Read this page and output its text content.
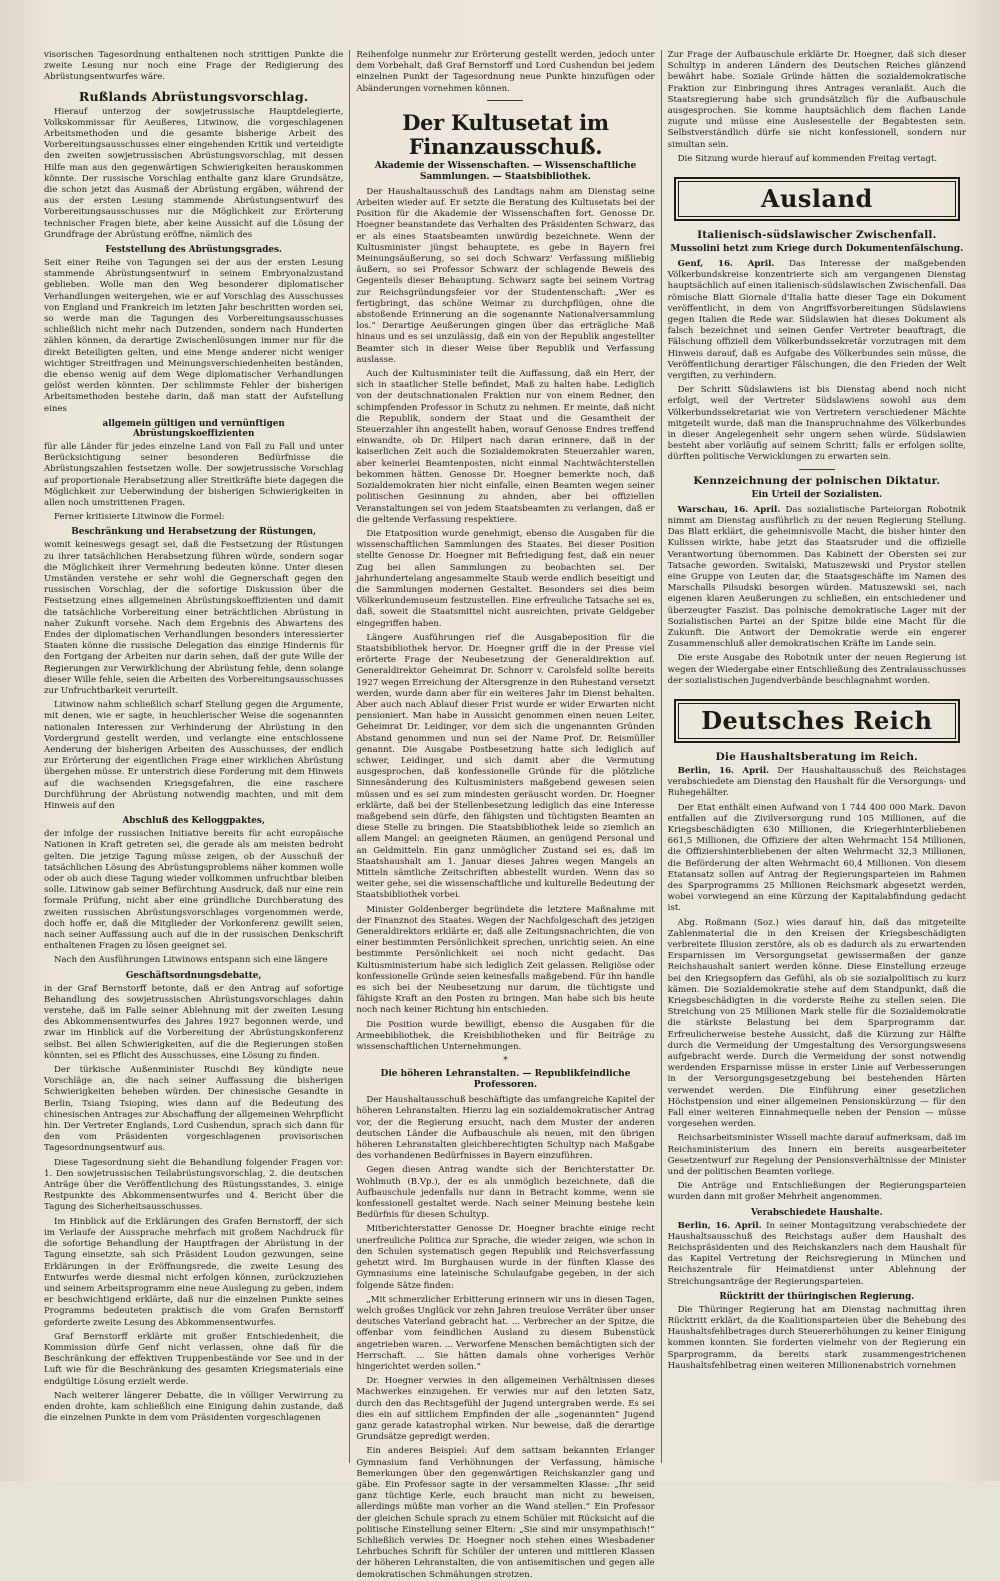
visorischen Tagesordnung enthaltenen noch strittigen Punkte die zweite Lesung nur noch eine Frage der Redigierung des Abrüstungsentwurfes wäre.

Rußlands Abrüstungsvorschlag.

Hierauf unterzog der sowjetrussische Hauptdelegierte, Volkskommissar für Aeußeres, Litwinow, die vorgeschlagenen Arbeitsmethoden und die gesamte bisherige Arbeit des Vorbereitungsausschusses einer eingehenden Kritik und verteidigte den zweiten sowjetrussischen Abrüstungsvorschlag, mit dessen Hilfe man aus den gegenwärtigen Schwierigkeiten herauskommen könnte. Der russische Vorschlag enthalte ganz klare Grundsätze, die schon jetzt das Ausmaß der Abrüstung ergäben, während der aus der ersten Lesung stammende Abrüstungsentwurf des Vorbereitungsausschusses nur die Möglichkeit zur Erörterung technischer Fragen biete, aber keine Aussicht auf die Lösung der Grundfrage der Abrüstung eröffne, nämlich des

Feststellung des Abrüstungsgrades.

Seit einer Reihe von Tagungen sei der aus der ersten Lesung stammende Abrüstungsentwurf in seinem Embryonalzustand geblieben. Wolle man den Weg besonderer diplomatischer Verhandlungen weitergehen, wie er auf Vorschlag des Ausschusses von England und Frankreich im letzten Jahr beschritten worden sei, so werde man die Tagungen des Vorbereitungsausschusses schließlich nicht mehr nach Dutzenden, sondern nach Hunderten zählen können, da derartige Zwischenlösungen immer nur für die direkt Beteiligten gelten, und eine Menge anderer nicht weniger wichtiger Streitfragen und Meinungsverschiedenheiten beständen, die ebenso wenig auf dem Wege diplomatischer Verhandlungen gelöst werden könnten. Der schlimmste Fehler der bisherigen Arbeitsmethoden bestehe darin, daß man statt der Aufstellung eines

allgemein gültigen und vernünftigen Abrüstungskoeffizienten

für alle Länder für jedes einzelne Land von Fall zu Fall und unter Berücksichtigung seiner besonderen Bedürfnisse die Abrüstungszahlen festsetzen wolle. Der sowjetrussische Vorschlag auf proportionale Herabsetzung aller Streitkräfte biete dagegen die Möglichkeit zur Ueberwindung der bisherigen Schwierigkeiten in allen noch umstrittenen Fragen.

Ferner kritisierte Litwinow die Formel:

Beschränkung und Herabsetzung der Rüstungen,

womit keineswegs gesagt sei, daß die Festsetzung der Rüstungen zu ihrer tatsächlichen Herabsetzung führen würde, sondern sogar die Möglichkeit ihrer Vermehrung bedeuten könne. Unter diesen Umständen verstehe er sehr wohl die Gegnerschaft gegen den russischen Vorschlag, der die sofortige Diskussion über die Festsetzung eines allgemeinen Abrüstungskoeffizienten und damit die tatsächliche Vorbereitung einer beträchtlichen Abrüstung in naher Zukunft vorsehe. Nach dem Ergebnis des Abwartens des Endes der diplomatischen Verhandlungen besonders interessierter Staaten könne die russische Delegation das einzige Hindernis für den Fortgang der Arbeiten nur darin sehen, daß der gute Wille der Regierungen zur Verwirklichung der Abrüstung fehle, denn solange dieser Wille fehle, seien die Arbeiten des Vorbereitungsausschusses zur Unfruchtbarkeit verurteilt.

Litwinow nahm schließlich scharf Stellung gegen die Argumente, mit denen, wie er sagte, in heuchlerischer Weise die sogenannten nationalen Interessen zur Verhinderung der Abrüstung in den Vordergrund gestellt werden, und verlangte eine entschlossene Aenderung der bisherigen Arbeiten des Ausschusses, der endlich zur Erörterung der eigentlichen Frage einer wirklichen Abrüstung übergehen müsse. Er unterstrich diese Forderung mit dem Hinweis auf die wachsenden Kriegsgefahren, die eine raschere Durchführung der Abrüstung notwendig machten, und mit dem Hinweis auf den

Abschluß des Kelloggpaktes,

der infolge der russischen Initiative bereits für acht europäische Nationen in Kraft getreten sei, die gerade als am meisten bedroht gelten. Die jetzige Tagung müsse zeigen, ob der Ausschuß der tatsächlichen Lösung des Abrüstungsproblems näher kommen wolle oder ob auch diese Tagung wieder vollkommen unfruchtbar bleiben solle. Litwinow gab seiner Befürchtung Ausdruck, daß nur eine rein formale Prüfung, nicht aber eine gründliche Durchberatung des zweiten russischen Abrüstungsvorschlages vorgenommen werde, doch hoffe er, daß die Mitglieder der Vorkonferenz gewillt seien, nach seiner Auffassung auch auf die in der russischen Denkschrift enthaltenen Fragen zu lösen geeignet sei.

Nach den Ausführungen Litwinows entspann sich eine längere

Geschäftsordnungsdebatte,

in der Graf Bernstorff betonte, daß er den Antrag auf sofortige Behandlung des sowjetrussischen Abrüstungsvorschlages dahin verstehe, daß im Falle seiner Ablehnung mit der zweiten Lesung des Abkommensentwurfes des Jahres 1927 begonnen werde, und zwar im Hinblick auf die Vorbereitung der Abrüstungskonferenz selbst. Bei allen Schwierigkeiten, auf die die Regierungen stoßen könnten, sei es Pflicht des Ausschusses, eine Lösung zu finden.

Der türkische Außenminister Ruschdi Bey kündigte neue Vorschläge an, die nach seiner Auffassung die bisherigen Schwierigkeiten beheben würden. Der chinesische Gesandte in Berlin, Tsiang Tsioping, wies dann auf die Bedeutung des chinesischen Antrages zur Abschaffung der allgemeinen Wehrpflicht hin. Der Vertreter Englands, Lord Cushendun, sprach sich dann für den vom Präsidenten vorgeschlagenen provisorischen Tagesordnungsentwurf aus.

Diese Tagesordnung sieht die Behandlung folgender Fragen vor: 1. Den sowjetrussischen Teilabrüstungsvorschlag, 2. die deutschen Anträge über die Veröffentlichung des Rüstungsstandes, 3. einige Restpunkte des Abkommensentwurfes und 4. Bericht über die Tagung des Sicherheitsausschusses.

Im Hinblick auf die Erklärungen des Grafen Bernstorff, der sich im Verlaufe der Aussprache mehrfach mit großem Nachdruck für die sofortige Behandlung der Hauptfragen der Abrüstung in der Tagung einsetzte, sah sich Präsident Loudon gezwungen, seine Erklärungen in der Eröffnungsrede, die zweite Lesung des Entwurfes werde diesmal nicht erfolgen können, zurückzuziehen und seinem Arbeitsprogramm eine neue Auslegung zu geben, indem er beschwichtigend erklärte, daß nur die einzelnen Punkte seines Programms bedeuteten praktisch die vom Grafen Bernstorff geforderte zweite Lesung des Abkommensentwurfes.

Graf Bernstorff erklärte mit großer Entschiedenheit, die Kommission dürfe Genf nicht verlassen, ohne daß für die Beschränkung der effektiven Truppenbestände vor See und in der Luft wie für die Beschränkung des gesamten Kriegsmaterials eine endgültige Lösung erzielt werde.

Nach weiterer längerer Debatte, die in völliger Verwirrung zu enden drohte, kam schließlich eine Einigung dahin zustande, daß die einzelnen Punkte in dem vom Präsidenten vorgeschlagenen

Reihenfolge nunmehr zur Erörterung gestellt werden, jedoch unter dem Vorbehalt, daß Graf Bernstorff und Lord Cushendun bei jedem einzelnen Punkt der Tagesordnung neue Punkte hinzufügen oder Abänderungen vornehmen können.

Der Kultusetat im Finanzausschuß.
Akademie der Wissenschaften. — Wissenschaftliche Sammlungen. — Staatsbibliothek.

Der Haushaltausschuß des Landtags nahm am Dienstag seine Arbeiten wieder auf. Er setzte die Beratung des Kultusetats bei der Position für die Akademie der Wissenschaften fort. Genosse Dr. Hoegner beanstandete das Verhalten des Präsidenten Schwarz, das er als eines Staatsbeamten unwürdig bezeichnete. Wenn der Kultusminister jüngst behauptete, es gebe in Bayern frei Meinungsäußerung, so sei doch Schwarz' Verfassung mißliebig äußern, so sei Professor Schwarz der schlagende Beweis des Gegenteils dieser Behauptung. Schwarz sagte bei seinem Vortrag zur Reichsgründungsfeier vor der Studentenschaft: „Wer es fertigbringt, das schöne Weimar zu durchpflügen, ohne die abstoßende Erinnerung an die sogenannte Nationalversammlung los.“ Derartige Aeußerungen gingen über das erträgliche Maß hinaus und es sei unzulässig, daß ein von der Republik angestellter Beamter sich in dieser Weise über Republik und Verfassung auslasse.

Auch der Kultusminister teilt die Auffassung, daß ein Herr, der sich in staatlicher Stelle befindet, Maß zu halten habe. Lediglich von der deutschnationalen Fraktion nur von einem Redner, den schimpfenden Professor in Schutz zu nehmen. Er meinte, daß nicht die Republik, sondern der Staat und die Gesamtheit der Steuerzahler ihn angestellt haben, worauf Genosse Endres treffend einwandte, ob Dr. Hilpert nach daran erinnere, daß in der kaiserlichen Zeit auch die Sozialdemokraten Steuerzahler waren, aber keinerlei Beamtenposten, nicht einmal Nachtwächterstellen bekommen hätten. Genosse Dr. Hoegner bemerkte noch, daß Sozialdemokraten hier nicht einfalle, einen Beamten wegen seiner politischen Gesinnung zu ahnden, aber bei offiziellen Veranstaltungen sei von jedem Staatsbeamten zu verlangen, daß er die geltende Verfassung respektiere.

Die Etatposition wurde genehmigt, ebenso die Ausgaben für die wissenschaftlichen Sammlungen des Staates. Bei dieser Position stellte Genosse Dr. Hoegner mit Befriedigung fest, daß ein neuer Zug bei allen Sammlungen zu beobachten sei. Der jahrhundertelang angesammelte Staub werde endlich beseitigt und die Sammlungen modernen Gestaltet. Besonders sei dies beim Völkerkundemuseum festzustellen. Eine erfreuliche Tatsache sei es, daß, soweit die Staatsmittel nicht ausreichten, private Geldgeber eingegriffen haben.

Längere Ausführungen rief die Ausgabeposition für die Staatsbibliothek hervor. Dr. Hoegner griff die in der Presse viel erörterte Frage der Neubesetzung der Generaldirektion auf. Generaldirektor Geheimrat Dr. Schnorr v. Carolsfeld sollte bereits 1927 wegen Erreichung der Altersgrenze in den Ruhestand versetzt werden, wurde dann aber für ein weiteres Jahr im Dienst behalten. Aber auch nach Ablauf dieser Frist wurde er wider Erwarten nicht pensioniert. Man habe in Aussicht genommen einen neuen Leiter, Geheimrat Dr. Leidinger, vor dem sich die ungenannten Gründen Abstand genommen und nun sei der Name Prof. Dr. Reismüller genannt. Die Ausgabe Postbesetzung hatte sich lediglich auf schwer, Leidinger, und sich damit aber die Vermutung ausgesprochen, daß konfessionelle Gründe für die plötzliche Sinnesänderung des Kultusministers maßgebend gewesen seien müssen und es sei zum mindesten geräuscht worden. Dr. Hoegner erklärte, daß bei der Stellenbesetzung lediglich das eine Interesse maßgebend sein dürfe, den fähigsten und tüchtigsten Beamten an diese Stelle zu bringen. Die Staatsbibliothek leide so ziemlich an allem Mangel: an geeigneten Räumen, an genügend Personal und an Geldmitteln. Ein ganz unmöglicher Zustand sei es, daß im Staatshaushalt am 1. Januar dieses Jahres wegen Mangels an Mitteln sämtliche Zeitschriften abbestellt wurden. Wenn das so weiter gehe, sei die wissenschaftliche und kulturelle Bedeutung der Staatsbibliothek vorbei.

Minister Goldenberger begründete die letztere Maßnahme mit der Finanznot des Staates. Wegen der Nachfolgeschaft des jetzigen Generaldirektors erklärte er, daß alle Zeitungsnachrichten, die von einer bestimmten Persönlichkeit sprechen, unrichtig seien. An eine bestimmte Persönlichkeit sei noch nicht gedacht. Das Kultusministerium habe sich lediglich Zeit gelassen. Religiöse oder konfessionelle Gründe seien keinesfalls maßgebend. Für ihn handle es sich bei der Neubesetzung nur darum, die tüchtigste und fähigste Kraft an den Posten zu bringen. Man habe sich bis heute noch nach keiner Richtung hin entschieden.

Die Position wurde bewilligt, ebenso die Ausgaben für die Armeebibliothek, die Kreisbibliotheken und für Beiträge zu wissenschaftlichen Unternehmungen.

*
Die höheren Lehranstalten. — Republikfeindliche Professoren.

Der Haushaltausschuß beschäftigte das umfangreiche Kapitel der höheren Lehranstalten. Hierzu lag ein sozialdemokratischer Antrag vor, der die Regierung ersucht, nach dem Muster der anderen deutschen Länder die Aufbauschule als neuen, mit den übrigen höheren Lehranstalten gleichberechtigten Schultyp nach Maßgabe des vorhandenen Bedürfnisses in Bayern einzuführen.

Gegen diesen Antrag wandte sich der Berichterstatter Dr. Wohlmuth (B.Vp.), der es als unmöglich bezeichnete, daß die Aufbauschule jedenfalls nur dann in Betracht komme, wenn sie konfessionell gestaltet werde. Nach seiner Meinung bestehe kein Bedürfnis für diesen Schultyp.

Mitberichterstatter Genosse Dr. Hoegner brachte einige recht unerfreuliche Politica zur Sprache, die wieder zeigen, wie schon in den Schulen systematisch gegen Republik und Reichsverfassung gehetzt wird. Im Burghausen wurde in der fünften Klasse des Gymnasiums eine lateinische Schulaufgabe gegeben, in der sich folgende Sätze finden:

„Mit schmerzlicher Erbitterung erinnern wir uns in diesen Tagen, welch großes Unglück vor zehn Jahren treulose Verräter über unser deutsches Vaterland gebracht hat. ... Verbrecher an der Spitze, die offenbar vom feindlichen Ausland zu diesem Bubenstück angetrieben waren. ... Verworfene Menschen bemächtigten sich der Herrschaft. ... Sie hätten damals ohne vorheriges Verhör hingerichtet werden sollen.“

Dr. Hoegner verwies in den allgemeinen Verhältnissen dieses Machwerkes einzugehen. Er verwies nur auf den letzten Satz, durch den das Rechtsgefühl der Jugend untergraben werde. Es sei dies ein auf sittlichem Empfinden der alle „sogenannten“ Jugend ganz gerade katastrophal wirken. Nur beweise, daß die derartige Grundsätze gepredigt werden.

Ein anderes Beispiel: Auf dem sattsam bekannten Erlanger Gymnasium fand Verhöhnungen der Verfassung, hämische Bemerkungen über den gegenwärtigen Reichskanzler gang und gäbe. Ein Professor sagte in der versammelten Klasse: „Ihr seid ganz tüchtige Kerle, euch braucht man nicht zu beweisen, allerdings müßte man vorher an die Wand stellen.“ Ein Professor der gleichen Schule sprach zu einem Schüler mit Rücksicht auf die politische Einstellung seiner Eltern: „Sie sind mir unsympathisch!“ Schließlich verwies Dr. Hoegner noch stehen eines Wiesbadener Lehrbuches Schrift für Schüler der unteren und mittleren Klassen der höheren Lehranstalten, die von antisemitischen und gegen alle demokratischen Schmähungen strotzen.

Zur Frage der Aufbauschule erklärte Dr. Hoegner, daß sich dieser Schultyp in anderen Ländern des Deutschen Reiches glänzend bewährt habe. Soziale Gründe hätten die sozialdemokratische Fraktion zur Einbringung ihres Antrages veranlaßt. Auch die Staatsregierung habe sich grundsätzlich für die Aufbauschule ausgesprochen. Sie komme hauptsächlich dem flachen Lande zugute und müsse eine Auslesestelle der Begabtesten sein. Selbstverständlich dürfe sie nicht konfessionell, sondern nur simultan sein.

Die Sitzung wurde hierauf auf kommenden Freitag vertagt.

Ausland
Italienisch-südslawischer Zwischenfall.
Mussolini hetzt zum Kriege durch Dokumentenfälschung.

Genf, 16. April. Das Interesse der maßgebenden Völkerbundskreise konzentrierte sich am vergangenen Dienstag hauptsächlich auf einen italienisch-südslawischen Zwischenfall. Das römische Blatt Giornale d'Italia hatte dieser Tage ein Dokument veröffentlicht, in dem von Angriffsvorbereitungen Südslawiens gegen Italien die Rede war. Südslawien hat dieses Dokument als falsch bezeichnet und seinen Genfer Vertreter beauftragt, die Fälschung offiziell dem Völkerbundssekretär vorzutragen mit dem Hinweis darauf, daß es Aufgabe des Völkerbundes sein müsse, die Veröffentlichung derartiger Fälschungen, die den Frieden der Welt vergiften, zu verhindern.

Der Schritt Südslawiens ist bis Dienstag abend noch nicht erfolgt, weil der Vertreter Südslawiens sowohl aus dem Völkerbundssekretariat wie von Vertretern verschiedener Mächte mitgeteilt wurde, daß man die Inanspruchnahme des Völkerbundes in dieser Angelegenheit sehr ungern sehen würde. Südslawien besteht aber vorläufig auf seinem Schritt; falls er erfolgen sollte, dürften politische Verwicklungen zu erwarten sein.

Kennzeichnung der polnischen Diktatur.
Ein Urteil der Sozialisten.

Warschau, 16. April. Das sozialistische Parteiorgan Robotnik nimmt am Dienstag ausführlich zu der neuen Regierung Stellung. Das Blatt erklärt, die geheimnisvolle Macht, die bisher hinter den Kulissen wirkte, habe jetzt das Staatsruder und die offizielle Verantwortung übernommen. Das Kabinett der Obersten sei zur Tatsache geworden. Switalski, Matuszewski und Prystor stellen eine Gruppe von Leuten dar, die Staatsgeschäfte im Namen des Marschalls Pilsudski besorgen würden. Matuszewski sei, nach eigenen klaren Aeußerungen zu schließen, ein entschiedener und überzeugter Faszist. Das polnische demokratische Lager mit der Sozialistischen Partei an der Spitze bilde eine Macht für die Zukunft. Die Antwort der Demokratie werde ein engerer Zusammenschluß aller demokratischen Kräfte im Lande sein.

Die erste Ausgabe des Robotnik unter der neuen Regierung ist wegen der Wiedergabe einer Entschließung des Zentralausschusses der sozialistischen Jugendverbände beschlagnahmt worden.

Deutsches Reich
Die Haushaltsberatung im Reich.

Berlin, 16. April. Der Haushaltausschuß des Reichstages verabschiedete am Dienstag den Haushalt für die Versorgungs- und Ruhegehälter.

Der Etat enthält einen Aufwand von 1 744 400 000 Mark. Davon entfallen auf die Zivilversorgung rund 105 Millionen, auf die Kriegsbeschädigten 630 Millionen, die Kriegerhinterbliebenen 661,5 Millionen, die Offiziere der alten Wehrmacht 154 Millionen, die Offiziershinterbliebenen der alten Wehrmacht 32,3 Millionen, die Beförderung der alten Wehrmacht 60,4 Millionen. Von diesem Etatansatz sollen auf Antrag der Regierungsparteien im Rahmen des Sparprogramms 25 Millionen Reichsmark abgesetzt werden, wobei vorwiegend an eine Kürzung der Kapitalabfindung gedacht ist.

Abg. Roßmann (Soz.) wies darauf hin, daß das mitgeteilte Zahlenmaterial die in den Kreisen der Kriegsbeschädigten verbreitete Illusion zerstöre, als ob es dadurch als zu erwartenden Ersparnissen im Versorgungsetat gewissermaßen der ganze Reichshaushalt saniert werden könne. Diese Einstellung erzeuge bei den Kriegsopfern das Gefühl, als ob sie sozialpolitisch zu kurz kämen. Die Sozialdemokratie stehe auf dem Standpunkt, daß die Kriegsbeschädigten in die vorderste Reihe zu stellen seien. Die Streichung von 25 Millionen Mark stelle für die Sozialdemokratie die stärkste Belastung bei dem Sparprogramm dar. Erfreulicherweise bestehe Aussicht, daß die Kürzung zur Hälfte durch die Vermeidung der Umgestaltung des Versorgungswesens aufgebracht werde. Durch die Vermeidung der sonst notwendig werdenden Ersparnisse müsse in erster Linie auf Verbesserungen in der Versorgungsgesetzgebung bei bestehenden Härten verwendet werden. Die Einführung einer gesetzlichen Höchstpension und einer allgemeinen Pensionskürzung — für den Fall einer weiteren Einnahmequelle neben der Pension — müsse vorgesehen werden.

Reichsarbeitsminister Wissell machte darauf aufmerksam, daß im Reichsministerium des Innern ein bereits ausgearbeiteter Gesetzentwurf zur Regelung der Pensionsverhältnisse der Minister und der politischen Beamten vorliege.

Die Anträge und Entschließungen der Regierungsparteien wurden dann mit großer Mehrheit angenommen.

Verabschiedete Haushalte.

Berlin, 16. April. In seiner Montagsitzung verabschiedete der Haushaltsausschuß des Reichstags außer dem Haushalt des Reichspräsidenten und des Reichskanzlers nach dem Haushalt für das Kapitel Vertretung der Reichsregierung in München und Reichszentrale für Heimatdienst unter Ablehnung der Streichungsanträge der Regierungsparteien.

Rücktritt der thüringischen Regierung.

Die Thüringer Regierung hat am Dienstag nachmittag ihren Rücktritt erklärt, da die Koalitionsparteien über die Behebung des Haushaltsfehlbetrages durch Steuererhöhungen zu keiner Einigung kommen konnten. Sie forderten vielmehr von der Regierung ein Sparprogramm, da bereits stark zusammengestrichenen Haushaltsfehlbetrag einen weiteren Millionenabstrich vornehmen
